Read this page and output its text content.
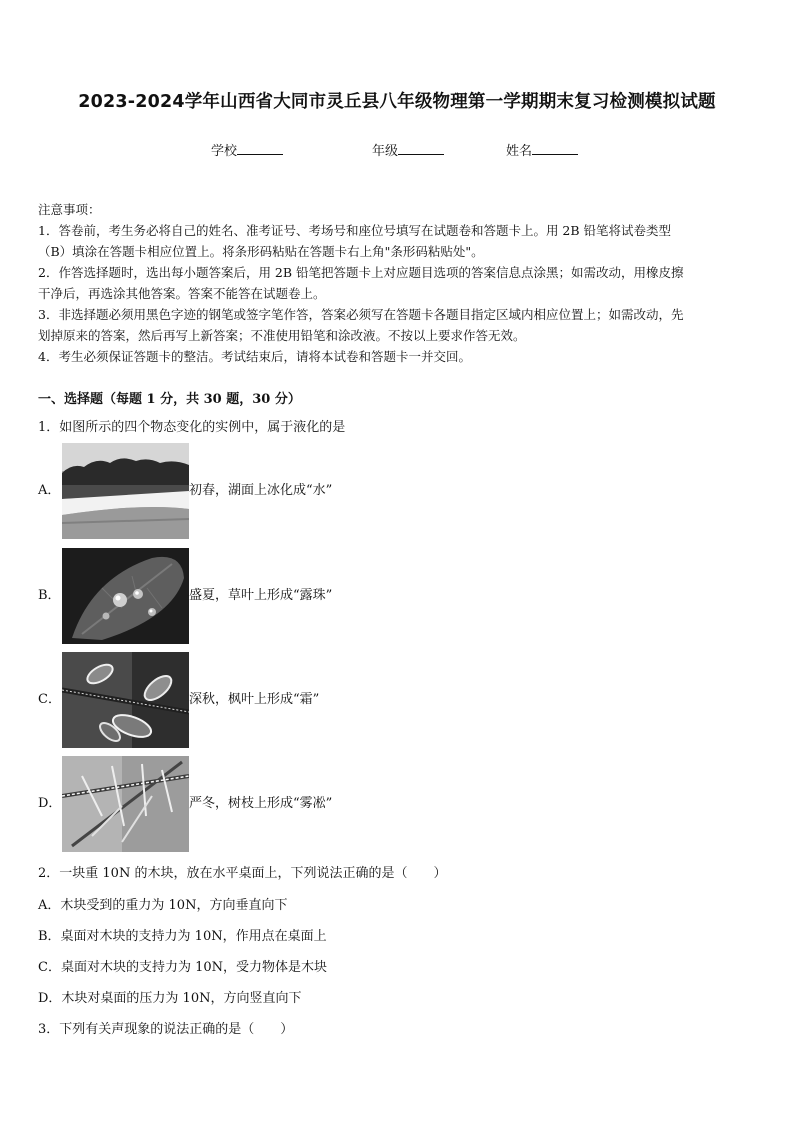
2023-2024学年山西省大同市灵丘县八年级物理第一学期期末复习检测模拟试题
学校	年级	姓名
注意事项：
1．答卷前，考生务必将自己的姓名、准考证号、考场号和座位号填写在试题卷和答题卡上。用 2B 铅笔将试卷类型
（B）填涂在答题卡相应位置上。将条形码粘贴在答题卡右上角"条形码粘贴处"。
2．作答选择题时，选出每小题答案后，用 2B 铅笔把答题卡上对应题目选项的答案信息点涂黑；如需改动，用橡皮擦
干净后，再选涂其他答案。答案不能答在试题卷上。
3．非选择题必须用黑色字迹的钢笔或签字笔作答，答案必须写在答题卡各题目指定区域内相应位置上；如需改动，先
划掉原来的答案，然后再写上新答案；不准使用铅笔和涂改液。不按以上要求作答无效。
4．考生必须保证答题卡的整洁。考试结束后，请将本试卷和答题卡一并交回。
一、选择题（每题 1 分，共 30 题，30 分）
1．如图所示的四个物态变化的实例中，属于液化的是
A．	初春，湖面上冰化成“水”
B．	盛夏，草叶上形成“露珠”
C．	深秋，枫叶上形成“霜”
D．	严冬，树枝上形成“雾凇”
2．一块重 10N 的木块，放在水平桌面上，下列说法正确的是（　　）
A．木块受到的重力为 10N，方向垂直向下
B．桌面对木块的支持力为 10N，作用点在桌面上
C．桌面对木块的支持力为 10N，受力物体是木块
D．木块对桌面的压力为 10N，方向竖直向下
3．下列有关声现象的说法正确的是（　　）
